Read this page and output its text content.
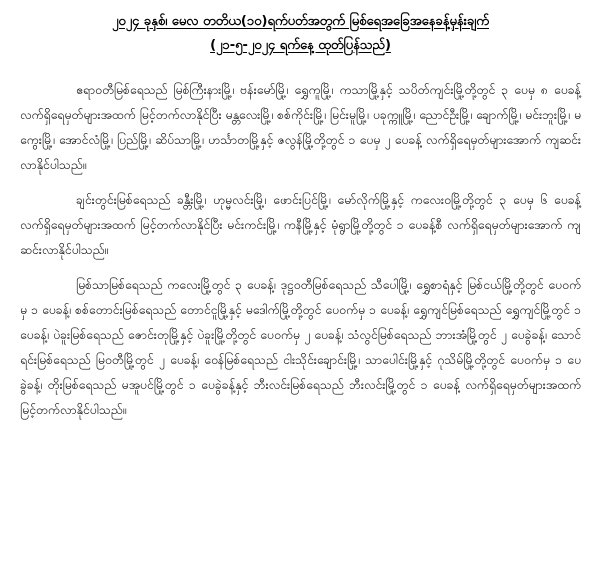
၂၀၂၄ ခုနှစ်၊ မေလ တတိယ(၁၀)ရက်ပတ်အတွက် မြစ်ရေအခြေအနေခန့်မှန်းချက်
(၂၁-၅-၂၀၂၄ ရက်နေ့ ထုတ်ပြန်သည်)

ဧရာဝတီမြစ်ရေသည် မြစ်ကြီးနားမြို့၊ ဗန်းမော်မြို့၊ ရွှေကူမြို့၊ ကသာမြို့နှင့် သပိတ်ကျင်းမြို့တို့တွင် ၃ ပေမှ ၈ ပေခန့် လက်ရှိရေမှတ်များအထက် မြင့်တက်လာနိုင်ပြီး မန္တလေးမြို့၊ စစ်ကိုင်းမြို့၊ မြင်းမူမြို့၊ ပခုက္ကူမြို့၊ ညောင်ဦးမြို့၊ ချောက်မြို့၊ မင်းဘူးမြို့၊ မကွေးမြို့၊ အောင်လံမြို့၊ ပြည်မြို့၊ ဆိပ်သာမြို့၊ ဟင်္သာတမြို့နှင့် ဇလွန်မြို့တို့တွင် ၁ ပေမှ ၂ ပေခန့် လက်ရှိရေမှတ်များအောက် ကျဆင်းလာနိုင်ပါသည်။

ချင်းတွင်းမြစ်ရေသည် ခန္တီးမြို့၊ ဟုမ္မလင်းမြို့၊ ဖောင်းပြင်မြို့၊ မော်လိုက်မြို့နှင့် ကလေးဝမြို့တို့တွင် ၃ ပေမှ ၆ ပေခန့် လက်ရှိရေမှတ်များအထက် မြင့်တက်လာနိုင်ပြီး မင်းကင်းမြို့၊ ကနီမြို့နှင့် မုံရွာမြို့တို့တွင် ၁ ပေခန့်စီ လက်ရှိရေမှတ်များအောက် ကျဆင်းလာနိုင်ပါသည်။

မြစ်သာမြစ်ရေသည် ကလေးမြို့တွင် ၃ ပေခန့်၊ ဒုဋ္ဌဝတီမြစ်ရေသည် သီပေါမြို့၊ ရွှေစာရံနှင့် မြစ်ငယ်မြို့တို့တွင် ပေဝက်မှ ၁ ပေခန့်၊ စစ်တောင်းမြစ်ရေသည် တောင်ငူမြို့နှင့် မဒေါက်မြို့တို့တွင် ပေဝက်မှ ၁ ပေခန့်၊ ရွှေကျင်မြစ်ရေသည် ရွှေကျင်မြို့တွင် ၁ ပေခန့်၊ ပဲခူးမြစ်ရေသည် ဇောင်းတုမြို့နှင့် ပဲခူးမြို့တို့တွင် ပေဝက်မှ ၂ ပေခန့်၊ သံလွင်မြစ်ရေသည် ဘားအံမြို့တွင် ၂ ပေခွဲခန့်၊ သောင်ရင်းမြစ်ရေသည် မြဝတီမြို့တွင် ၂ ပေခန့်၊ ဝေန်မြစ်ရေသည် ငါးသိုင်းချောင်းမြို့၊ သာပေါင်းမြို့နှင့် ဂုသိမ်မြို့တို့တွင် ပေဝက်မှ ၁ ပေခွဲခန့်၊ တိုးမြစ်ရေသည် မအူပင်မြို့တွင် ၁ ပေခွဲခန့်နှင့် ဘီးလင်းမြစ်ရေသည် ဘီးလင်းမြို့တွင် ၁ ပေခန့် လက်ရှိရေမှတ်များအထက် မြင့်တက်လာနိုင်ပါသည်။
